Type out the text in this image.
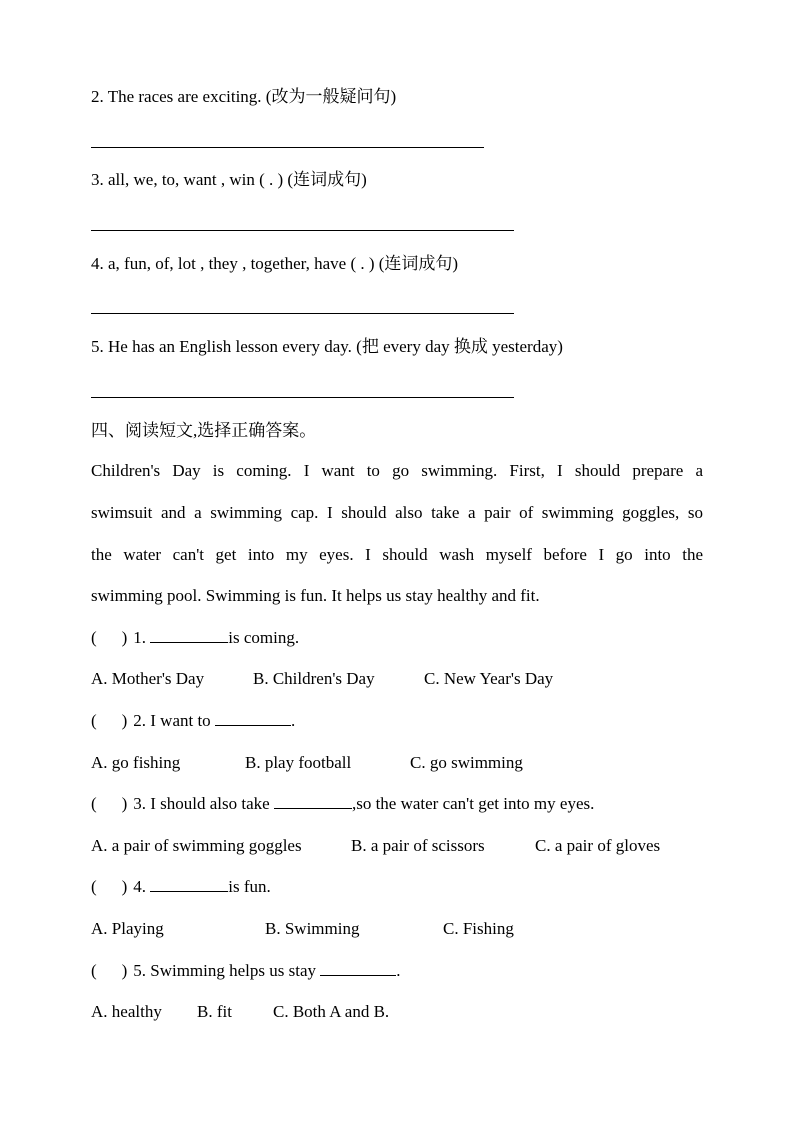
2. The races are exciting. (改为一般疑问句)
3. all, we, to, want , win ( . ) (连词成句)
4. a, fun, of, lot , they , together, have ( . ) (连词成句)
5. He has an English lesson every day. (把 every day 换成 yesterday)
四、阅读短文,选择正确答案。
Children's Day is coming. I want to go swimming. First, I should prepare a
swimsuit and a swimming cap. I should also take a pair of swimming goggles, so
the water can't get into my eyes. I should wash myself before I go into the
swimming pool. Swimming is fun. It helps us stay healthy and fit.
( ) 1.	is coming.
A. Mother's Day	B. Children's Day	C. New Year's Day
( ) 2. I want to	.
A. go fishing	B. play football	C. go swimming
( ) 3. I should also take	,so the water can't get into my eyes.
A. a pair of swimming goggles	B. a pair of scissors	C. a pair of gloves
( ) 4.	is fun.
A. Playing	B. Swimming	C. Fishing
( ) 5. Swimming helps us stay	.
A. healthy B. fit C. Both A and B.
